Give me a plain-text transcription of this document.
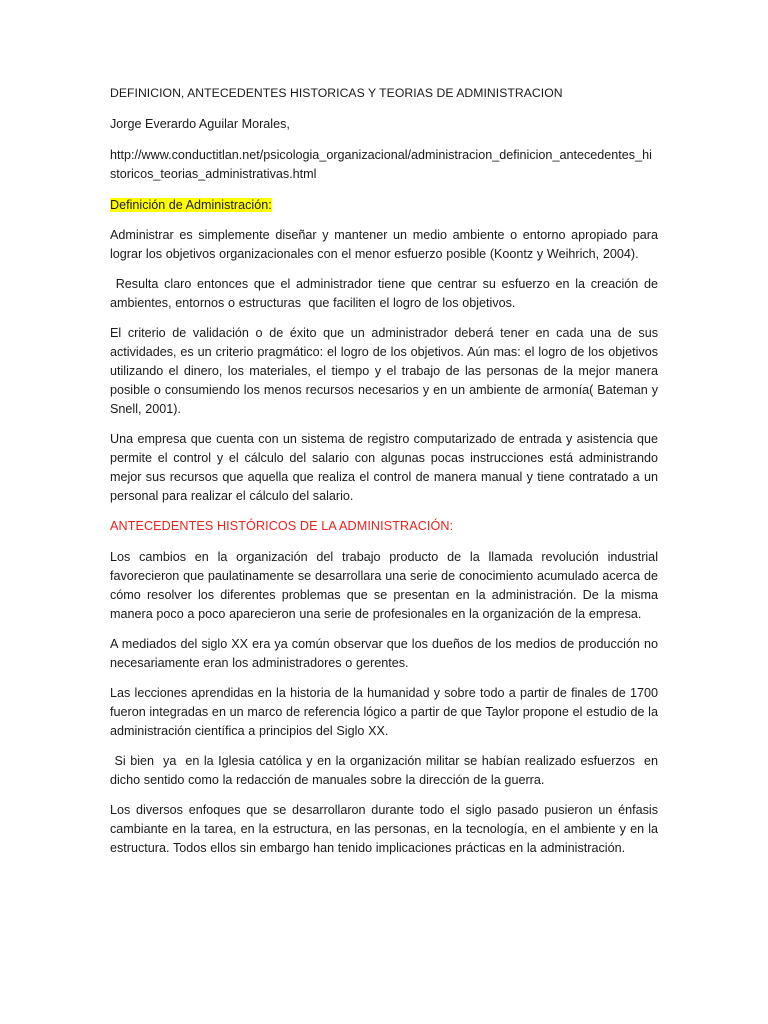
DEFINICION, ANTECEDENTES HISTORICAS Y TEORIAS DE ADMINISTRACION

Jorge Everardo Aguilar Morales,

http://www.conductitlan.net/psicologia_organizacional/administracion_definicion_antecedentes_historicos_teorias_administrativas.html

Definición de Administración:

Administrar es simplemente diseñar y mantener un medio ambiente o entorno apropiado para lograr los objetivos organizacionales con el menor esfuerzo posible (Koontz y Weihrich, 2004).

Resulta claro entonces que el administrador tiene que centrar su esfuerzo en la creación de ambientes, entornos o estructuras  que faciliten el logro de los objetivos.

El criterio de validación o de éxito que un administrador deberá tener en cada una de sus actividades, es un criterio pragmático: el logro de los objetivos. Aún mas: el logro de los objetivos utilizando el dinero, los materiales, el tiempo y el trabajo de las personas de la mejor manera posible o consumiendo los menos recursos necesarios y en un ambiente de armonía( Bateman y Snell, 2001).

Una empresa que cuenta con un sistema de registro computarizado de entrada y asistencia que permite el control y el cálculo del salario con algunas pocas instrucciones está administrando mejor sus recursos que aquella que realiza el control de manera manual y tiene contratado a un personal para realizar el cálculo del salario.

ANTECEDENTES HISTÓRICOS DE LA ADMINISTRACIÓN:

Los cambios en la organización del trabajo producto de la llamada revolución industrial favorecieron que paulatinamente se desarrollara una serie de conocimiento acumulado acerca de cómo resolver los diferentes problemas que se presentan en la administración. De la misma manera poco a poco aparecieron una serie de profesionales en la organización de la empresa.

A mediados del siglo XX era ya común observar que los dueños de los medios de producción no necesariamente eran los administradores o gerentes.

Las lecciones aprendidas en la historia de la humanidad y sobre todo a partir de finales de 1700 fueron integradas en un marco de referencia lógico a partir de que Taylor propone el estudio de la administración científica a principios del Siglo XX.

Si bien  ya  en la Iglesia católica y en la organización militar se habían realizado esfuerzos  en dicho sentido como la redacción de manuales sobre la dirección de la guerra.

Los diversos enfoques que se desarrollaron durante todo el siglo pasado pusieron un énfasis cambiante en la tarea, en la estructura, en las personas, en la tecnología, en el ambiente y en la estructura. Todos ellos sin embargo han tenido implicaciones prácticas en la administración.
